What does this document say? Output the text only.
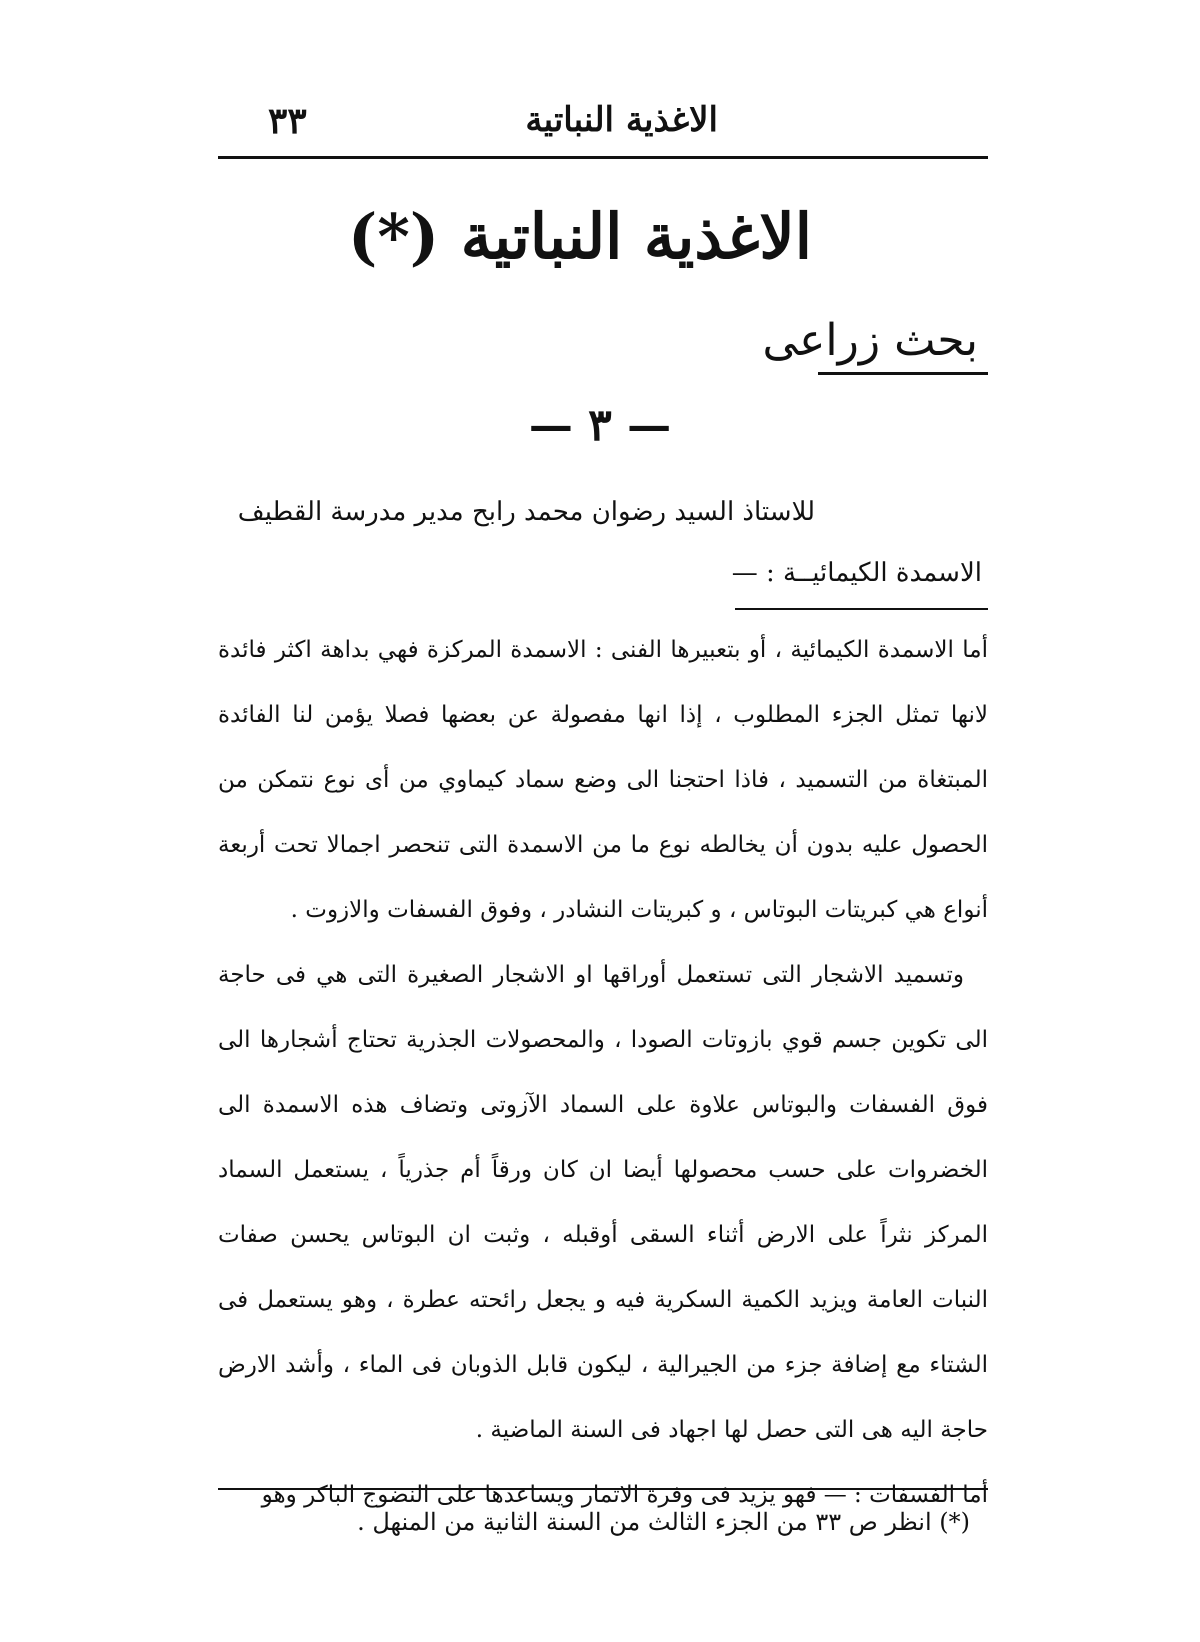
الاغذية النباتية
٣٣
الاغذية النباتية (*)
بحث زراعى
— ٣ —
للاستاذ السيد رضوان محمد رابح مدير مدرسة القطيف
الاسمدة الكيمائيــة : —

أما الاسمدة الكيمائية ، أو بتعبيرها الفنى : الاسمدة المركزة فهي بداهة اكثر فائدة لانها تمثل الجزء المطلوب ، إذا انها مفصولة عن بعضها فصلا يؤمن لنا الفائدة المبتغاة من التسميد ، فاذا احتجنا الى وضع سماد كيماوي من أى نوع نتمكن من الحصول عليه بدون أن يخالطه نوع ما من الاسمدة التى تنحصر اجمالا تحت أربعة أنواع هي كبريتات البوتاس ، و كبريتات النشادر ، وفوق الفسفات والازوت .

وتسميد الاشجار التى تستعمل أوراقها او الاشجار الصغيرة التى هي فى حاجة الى تكوين جسم قوي بازوتات الصودا ، والمحصولات الجذرية تحتاج أشجارها الى فوق الفسفات والبوتاس علاوة على السماد الآزوتى وتضاف هذه الاسمدة الى الخضروات على حسب محصولها أيضا ان كان ورقاً أم جذرياً ، يستعمل السماد المركز نثراً على الارض أثناء السقى أوقبله ، وثبت ان البوتاس يحسن صفات النبات العامة ويزيد الكمية السكرية فيه و يجعل رائحته عطرة ، وهو يستعمل فى الشتاء مع إضافة جزء من الجيرالية ، ليكون قابل الذوبان فى الماء ، وأشد الارض حاجة اليه هى التى حصل لها اجهاد فى السنة الماضية .

أما الفسفات : — فهو يزيد فى وفرة الاثمار ويساعدها على النضوج الباكر وهو

(*) انظر ص ٣٣ من الجزء الثالث من السنة الثانية من المنهل .
